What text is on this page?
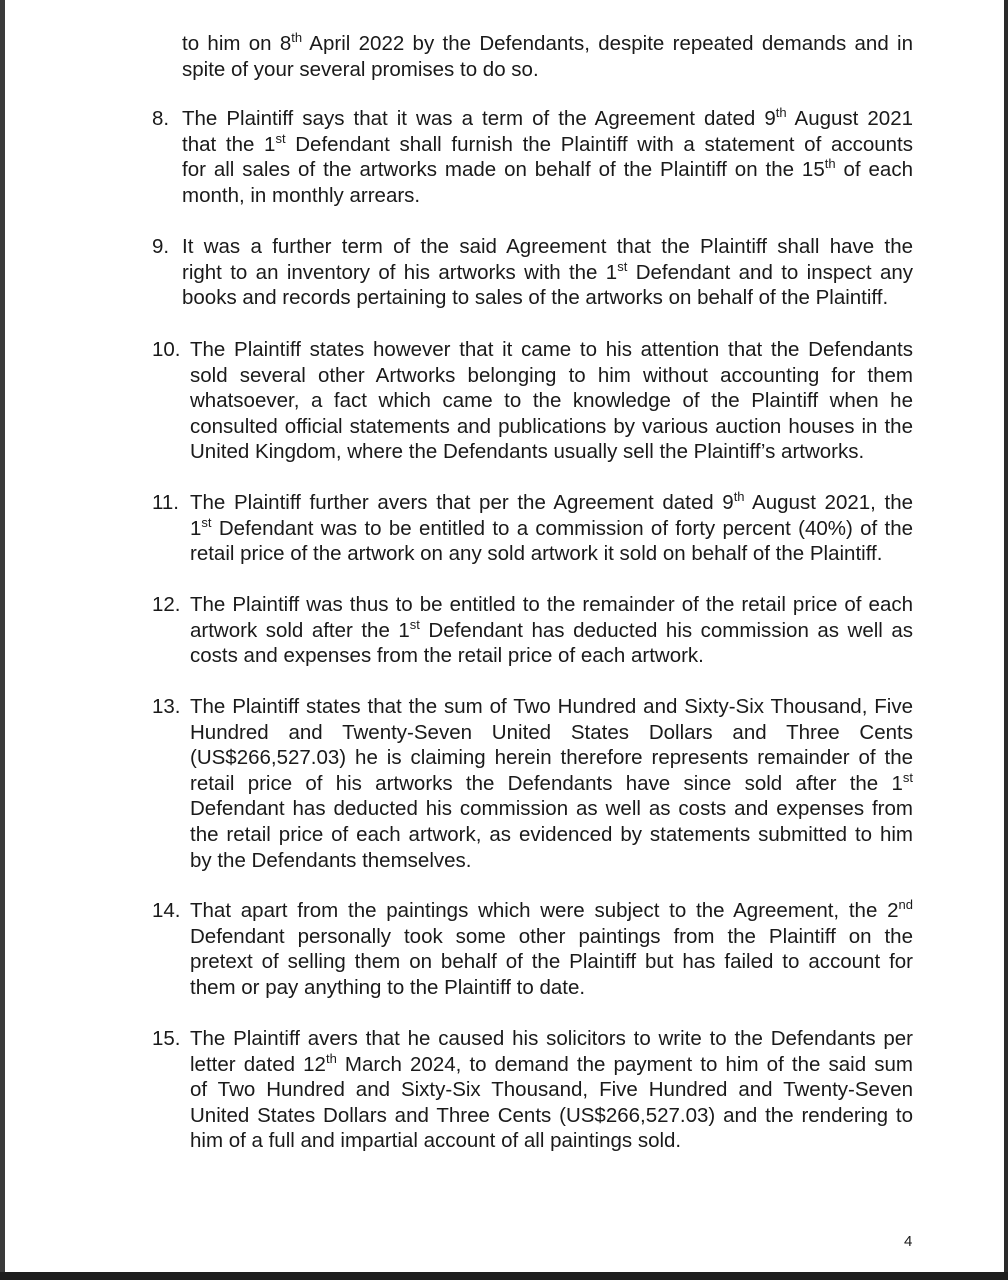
to him on 8th April 2022 by the Defendants, despite repeated demands and in
spite of your several promises to do so.
8. The Plaintiff says that it was a term of the Agreement dated 9th August 2021
that the 1st Defendant shall furnish the Plaintiff with a statement of accounts
for all sales of the artworks made on behalf of the Plaintiff on the 15th of each
month, in monthly arrears.
9. It was a further term of the said Agreement that the Plaintiff shall have the
right to an inventory of his artworks with the 1st Defendant and to inspect any
books and records pertaining to sales of the artworks on behalf of the Plaintiff.
10. The Plaintiff states however that it came to his attention that the Defendants
sold several other Artworks belonging to him without accounting for them
whatsoever, a fact which came to the knowledge of the Plaintiff when he
consulted official statements and publications by various auction houses in the
United Kingdom, where the Defendants usually sell the Plaintiff’s artworks.
11. The Plaintiff further avers that per the Agreement dated 9th August 2021, the
1st Defendant was to be entitled to a commission of forty percent (40%) of the
retail price of the artwork on any sold artwork it sold on behalf of the Plaintiff.
12. The Plaintiff was thus to be entitled to the remainder of the retail price of each
artwork sold after the 1st Defendant has deducted his commission as well as
costs and expenses from the retail price of each artwork.
13. The Plaintiff states that the sum of Two Hundred and Sixty-Six Thousand, Five
Hundred and Twenty-Seven United States Dollars and Three Cents
(US$266,527.03) he is claiming herein therefore represents remainder of the
retail price of his artworks the Defendants have since sold after the 1st
Defendant has deducted his commission as well as costs and expenses from
the retail price of each artwork, as evidenced by statements submitted to him
by the Defendants themselves.
14. That apart from the paintings which were subject to the Agreement, the 2nd
Defendant personally took some other paintings from the Plaintiff on the
pretext of selling them on behalf of the Plaintiff but has failed to account for
them or pay anything to the Plaintiff to date.
15. The Plaintiff avers that he caused his solicitors to write to the Defendants per
letter dated 12th March 2024, to demand the payment to him of the said sum
of Two Hundred and Sixty-Six Thousand, Five Hundred and Twenty-Seven
United States Dollars and Three Cents (US$266,527.03) and the rendering to
him of a full and impartial account of all paintings sold.
4
